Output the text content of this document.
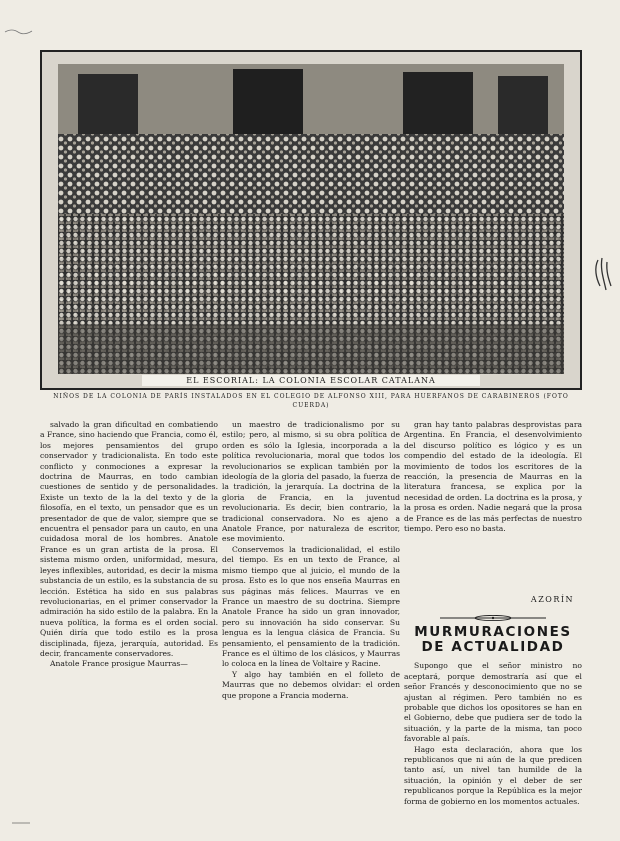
EL ESCORIAL: LA COLONIA ESCOLAR CATALANA
NIÑOS DE LA COLONIA DE PARÍS INSTALADOS EN EL COLEGIO DE ALFONSO XIII, PARA HUERFANOS DE CARABINEROS (FOTO CUERDA)

salvado la gran dificultad en combatiendo a France, sino haciendo que Francia, como él, los mejores pensamientos del grupo conservador y tradicionalista. En todo este conflicto y conmociones a expresar la doctrina de Maurras, en todo cambian cuestiones de sentido y de personalidades. Existe un texto de la la del texto y de la filosofía, en el texto, un pensador que es un presentador de que de valor, siempre que se encuentra el pensador para un cauto, en una cuidadosa moral de los hombres. Anatole France es un gran artista de la prosa. El sistema mismo orden, uniformidad, mesura, leyes inflexibles, autoridad, es decir la misma substancia de un estilo, es la substancia de su lección. Estética ha sido en sus palabras revolucionarias, en el primer conservador la admiración ha sido estilo de la palabra. En la nueva política, la forma es el orden social. Quién diría que todo estilo es la prosa disciplinada, fijeza, jerarquía, autoridad. Es decir, francamente conservadores.

Anatole France prosigue Maurras—

un maestro de tradicionalismo por su estilo; pero, al mismo, si su obra política de orden es sólo la Iglesia, incorporada a la política revolucionaria, moral que todos los revolucionarios se explican también por la ideología de la gloria del pasado, la fuerza de la tradición, la jerarquía. La doctrina de la gloria de Francia, en la juventud revolucionaria. Es decir, bien contrario, la tradicional conservadora. No es ajeno a Anatole France, por naturaleza de escritor, ese movimiento.

Conservemos la tradicionalidad, el estilo del tiempo. Es en un texto de France, al mismo tiempo que al juicio, el mundo de la prosa. Esto es lo que nos enseña Maurras en sus páginas más felices. Maurras ve en France un maestro de su doctrina. Siempre Anatole France ha sido un gran innovador, pero su innovación ha sido conservar. Su lengua es la lengua clásica de Francia. Su pensamiento, el pensamiento de la tradición. France es el último de los clásicos, y Maurras lo coloca en la línea de Voltaire y Racine.

Y algo hay también en el folleto de Maurras que no debemos olvidar: el orden que propone a Francia moderna.

gran hay tanto palabras desprovistas para Argentina. En Francia, el desenvolvimiento del discurso político es lógico y es un compendio del estado de la ideología. El movimiento de todos los escritores de la reacción, la presencia de Maurras en la literatura francesa, se explica por la necesidad de orden. La doctrina es la prosa, y la prosa es orden. Nadie negará que la prosa de France es de las más perfectas de nuestro tiempo. Pero eso no basta.

AZORÍN
MURMURACIONES
DE ACTUALIDAD

Supongo que el señor ministro no aceptará, porque demostraría así que el señor Francés y desconocimiento que no se ajustan al régimen. Pero también no es probable que dichos los opositores se han en el Gobierno, debe que pudiera ser de todo la situación, y la parte de la misma, tan poco favorable al país.

Hago esta declaración, ahora que los republicanos que ni aún de la que predicen tanto así, un nivel tan humilde de la situación, la opinión y el deber de ser republicanos porque la República es la mejor forma de gobierno en los momentos actuales.
